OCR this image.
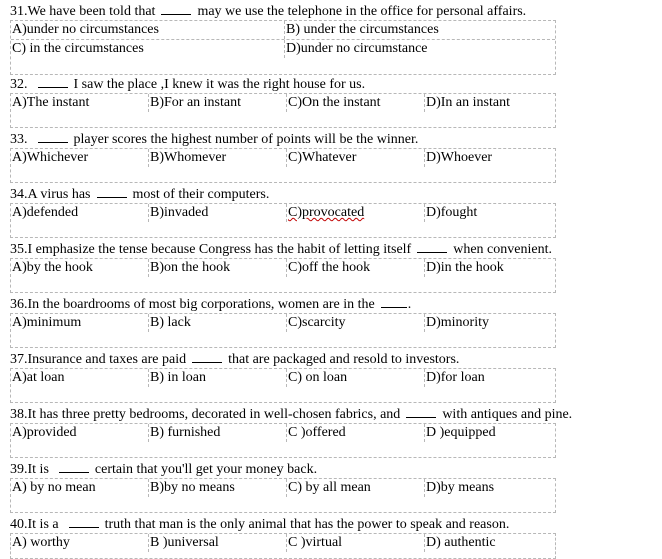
31.We have been told that	may we use the telephone in the office for personal affairs.
A)under no circumstances	B) under the circumstances
C) in the circumstances	D)under no circumstance
32.	I saw the place ,I knew it was the right house for us.
A)The instant	B)For an instant	C)On the instant	D)In an instant
33.	player scores the highest number of points will be the winner.
A)Whichever	B)Whomever	C)Whatever	D)Whoever
34.A virus has	most of their computers.
A)defended	B)invaded	C)provocated	D)fought
35.I emphasize the tense because Congress has the habit of letting itself	when convenient.
A)by the hook	B)on the hook	C)off the hook	D)in the hook
36.In the boardrooms of most big corporations, women are in the .
A)minimum	B) lack	C)scarcity	D)minority
37.Insurance and taxes are paid	that are packaged and resold to investors.
A)at loan	B) in loan	C) on loan	D)for loan
38.It has three pretty bedrooms, decorated in well-chosen fabrics, and	with antiques and pine.
A)provided	B) furnished	C )offered	D )equipped
39.It is	certain that you'll get your money back.
A) by no mean	B)by no means	C) by all mean	D)by means
40.It is a	truth that man is the only animal that has the power to speak and reason.
A) worthy	B )universal	C )virtual	D) authentic
